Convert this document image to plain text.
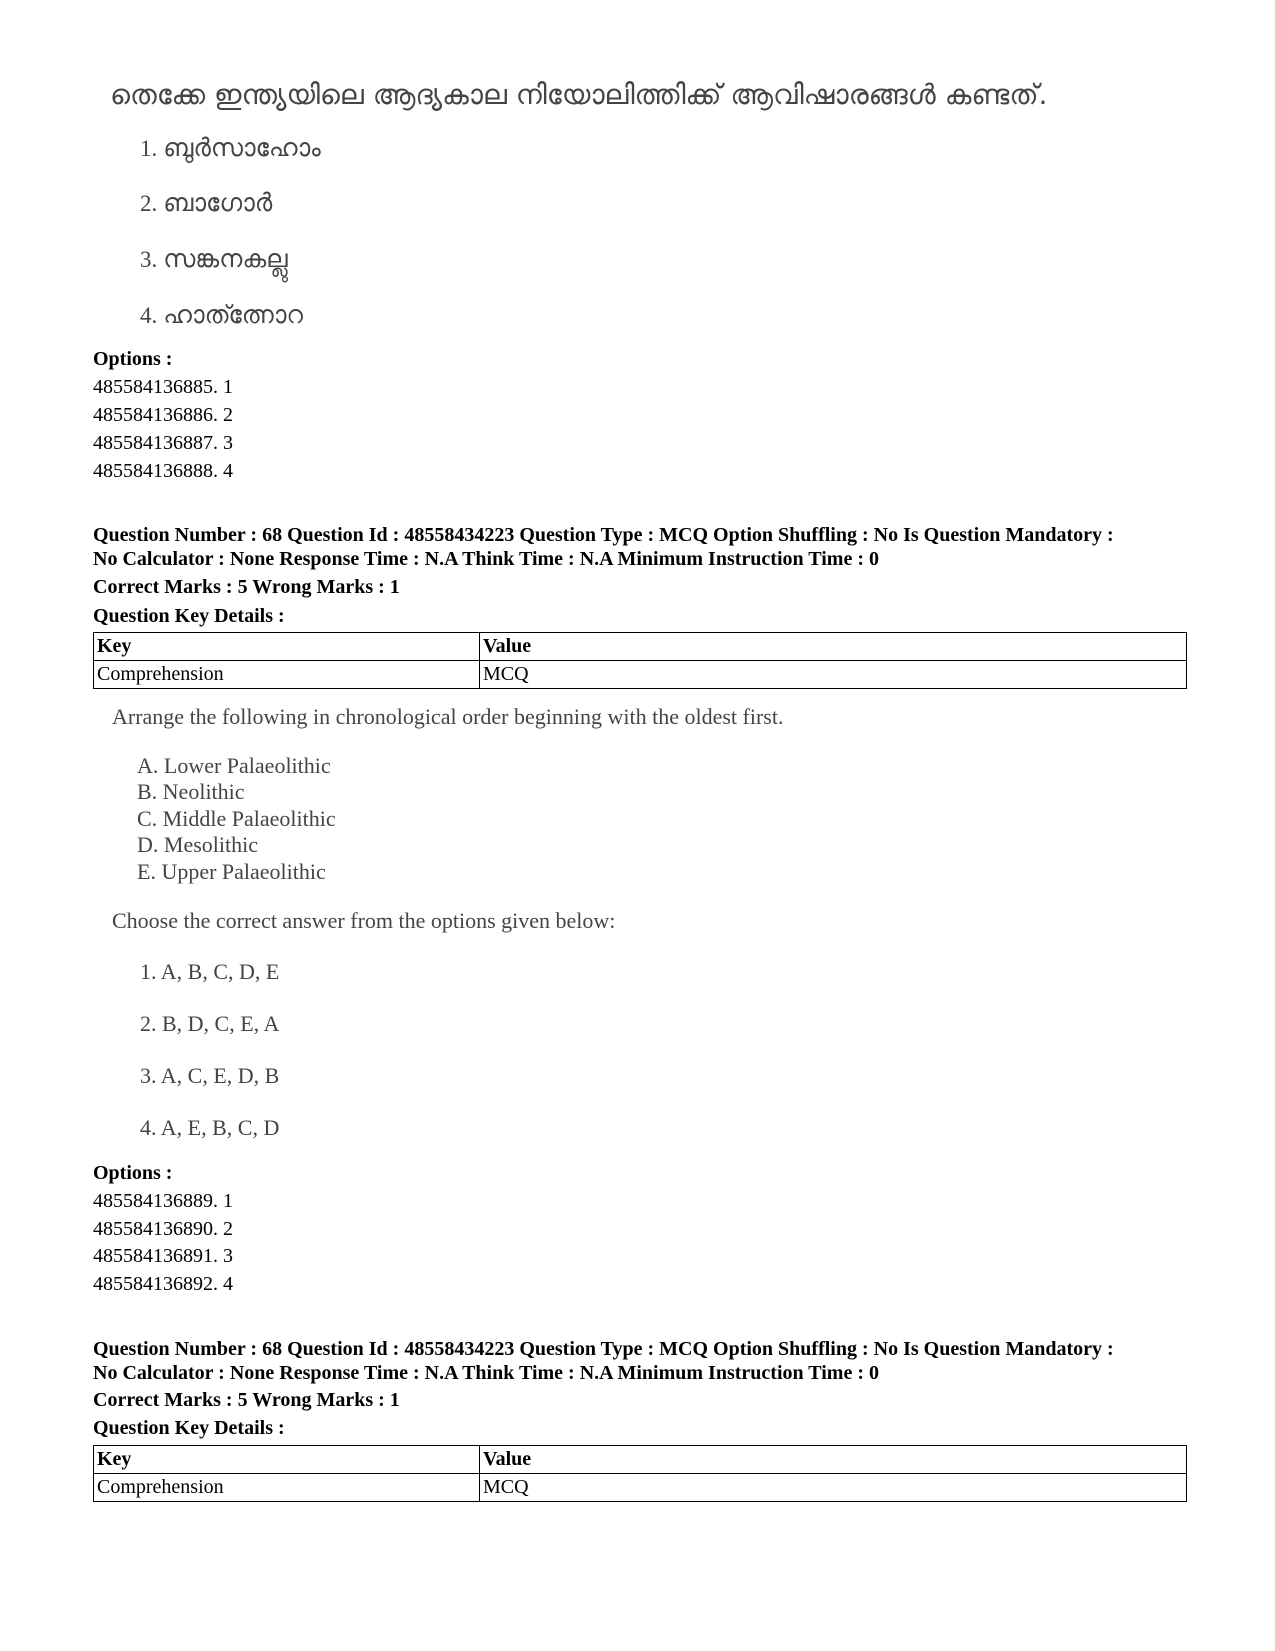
തെക്കേ ഇന്ത്യയിലെ ആദ്യകാല നിയോലിത്തിക്ക് ആവിഷാരങ്ങൾ കണ്ടത്.
1. ബുർസാഹോം
2. ബാഗോർ
3. സങ്കനകല്ലു
4. ഹാത്ത്നോറ
Options :
485584136885. 1
485584136886. 2
485584136887. 3
485584136888. 4
Question Number : 68 Question Id : 48558434223 Question Type : MCQ Option Shuffling : No Is Question Mandatory :
No Calculator : None Response Time : N.A Think Time : N.A Minimum Instruction Time : 0
Correct Marks : 5 Wrong Marks : 1
Question Key Details :
Key	Value
Comprehension	MCQ
Arrange the following in chronological order beginning with the oldest first.
A. Lower Palaeolithic
B. Neolithic
C. Middle Palaeolithic
D. Mesolithic
E. Upper Palaeolithic
Choose the correct answer from the options given below:
1. A, B, C, D, E
2. B, D, C, E, A
3. A, C, E, D, B
4. A, E, B, C, D
Options :
485584136889. 1
485584136890. 2
485584136891. 3
485584136892. 4
Question Number : 68 Question Id : 48558434223 Question Type : MCQ Option Shuffling : No Is Question Mandatory :
No Calculator : None Response Time : N.A Think Time : N.A Minimum Instruction Time : 0
Correct Marks : 5 Wrong Marks : 1
Question Key Details :
Key	Value
Comprehension	MCQ
